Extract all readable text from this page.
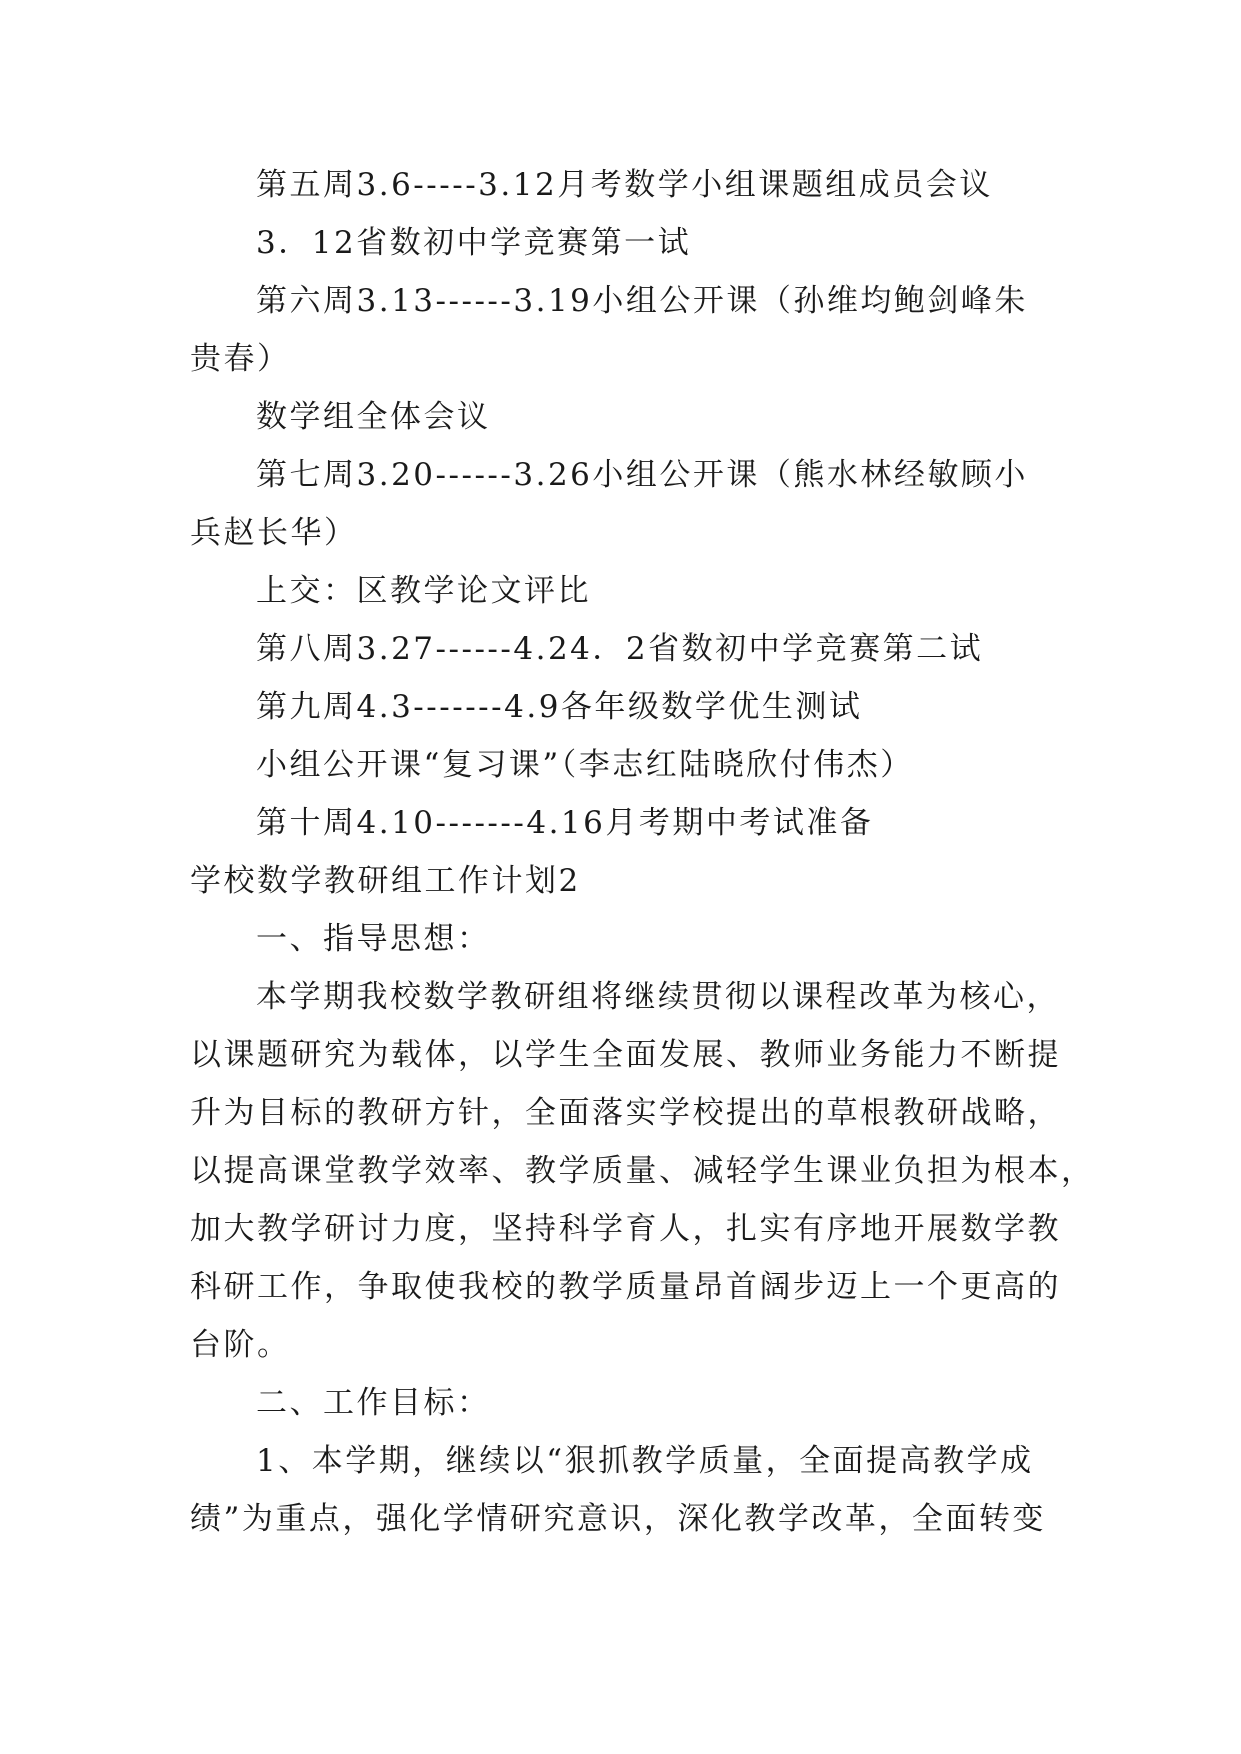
第五周3.6-----3.12月考数学小组课题组成员会议
3．12省数初中学竞赛第一试
第六周3.13------3.19小组公开课（孙维均鲍剑峰朱
贵春）
数学组全体会议
第七周3.20------3.26小组公开课（熊水林经敏顾小
兵赵长华）
上交：区教学论文评比
第八周3.27------4.24．2省数初中学竞赛第二试
第九周4.3-------4.9各年级数学优生测试
小组公开课“复习课”（李志红陆晓欣付伟杰）
第十周4.10-------4.16月考期中考试准备
学校数学教研组工作计划2
一、指导思想：
本学期我校数学教研组将继续贯彻以课程改革为核心，
以课题研究为载体，以学生全面发展、教师业务能力不断提
升为目标的教研方针，全面落实学校提出的草根教研战略，
以提高课堂教学效率、教学质量、减轻学生课业负担为根本，
加大教学研讨力度，坚持科学育人，扎实有序地开展数学教
科研工作，争取使我校的教学质量昂首阔步迈上一个更高的
台阶。
二、工作目标：
1、本学期，继续以“狠抓教学质量，全面提高教学成
绩”为重点，强化学情研究意识，深化教学改革，全面转变
